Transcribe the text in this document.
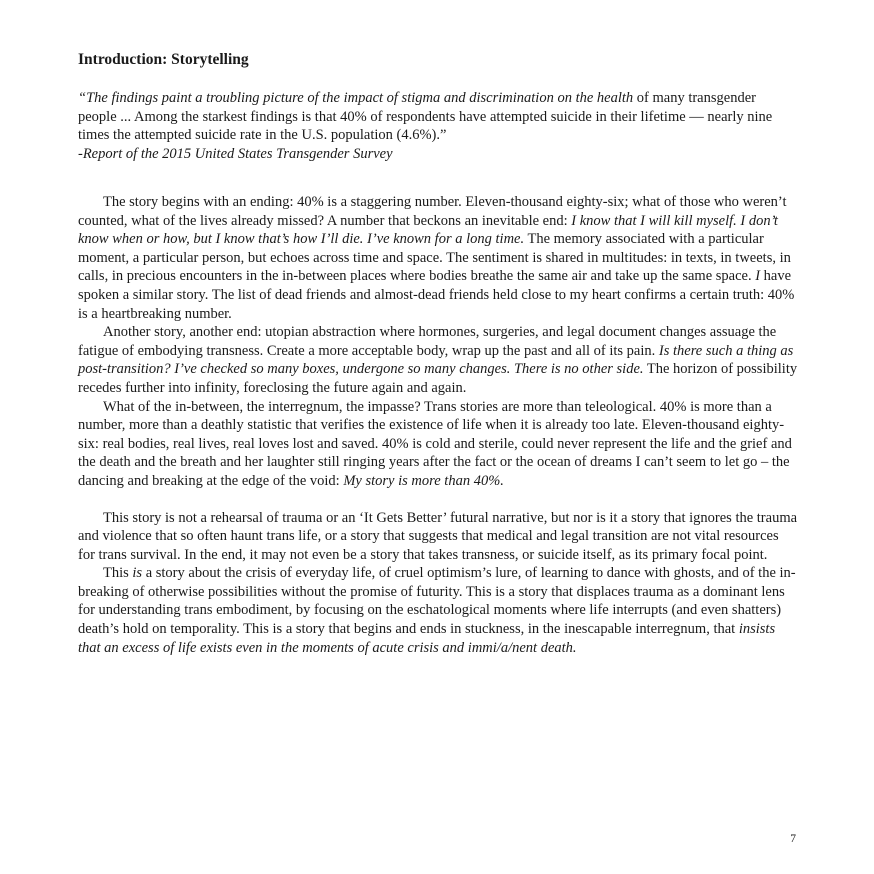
Introduction: Storytelling
“The findings paint a troubling picture of the impact of stigma and discrimination on the health of many transgender people ... Among the starkest findings is that 40% of respondents have attempted suicide in their lifetime — nearly nine times the attempted suicide rate in the U.S. population (4.6%).”
-Report of the 2015 United States Transgender Survey

The story begins with an ending: 40% is a staggering number. Eleven-thousand eighty-six; what of those who weren’t counted, what of the lives already missed? A number that beckons an inevitable end: I know that I will kill myself. I don’t know when or how, but I know that’s how I’ll die. I’ve known for a long time. The memory associated with a particular moment, a particular person, but echoes across time and space. The sentiment is shared in multitudes: in texts, in tweets, in calls, in precious encounters in the in-between places where bodies breathe the same air and take up the same space. I have spoken a similar story. The list of dead friends and almost-dead friends held close to my heart confirms a certain truth: 40% is a heartbreaking number.

Another story, another end: utopian abstraction where hormones, surgeries, and legal document changes assuage the fatigue of embodying transness. Create a more acceptable body, wrap up the past and all of its pain. Is there such a thing as post-transition? I’ve checked so many boxes, undergone so many changes. There is no other side. The horizon of possibility recedes further into infinity, foreclosing the future again and again.

What of the in-between, the interregnum, the impasse? Trans stories are more than teleological. 40% is more than a number, more than a deathly statistic that verifies the existence of life when it is already too late. Eleven-thousand eighty-six: real bodies, real lives, real loves lost and saved. 40% is cold and sterile, could never represent the life and the grief and the death and the breath and her laughter still ringing years after the fact or the ocean of dreams I can’t seem to let go – the dancing and breaking at the edge of the void: My story is more than 40%.

This story is not a rehearsal of trauma or an ‘It Gets Better’ futural narrative, but nor is it a story that ignores the trauma and violence that so often haunt trans life, or a story that suggests that medical and legal transition are not vital resources for trans survival. In the end, it may not even be a story that takes transness, or suicide itself, as its primary focal point.

This is a story about the crisis of everyday life, of cruel optimism’s lure, of learning to dance with ghosts, and of the in-breaking of otherwise possibilities without the promise of futurity. This is a story that displaces trauma as a dominant lens for understanding trans embodiment, by focusing on the eschatological moments where life interrupts (and even shatters) death’s hold on temporality. This is a story that begins and ends in stuckness, in the inescapable interregnum, that insists that an excess of life exists even in the moments of acute crisis and immi/a/nent death.

7
